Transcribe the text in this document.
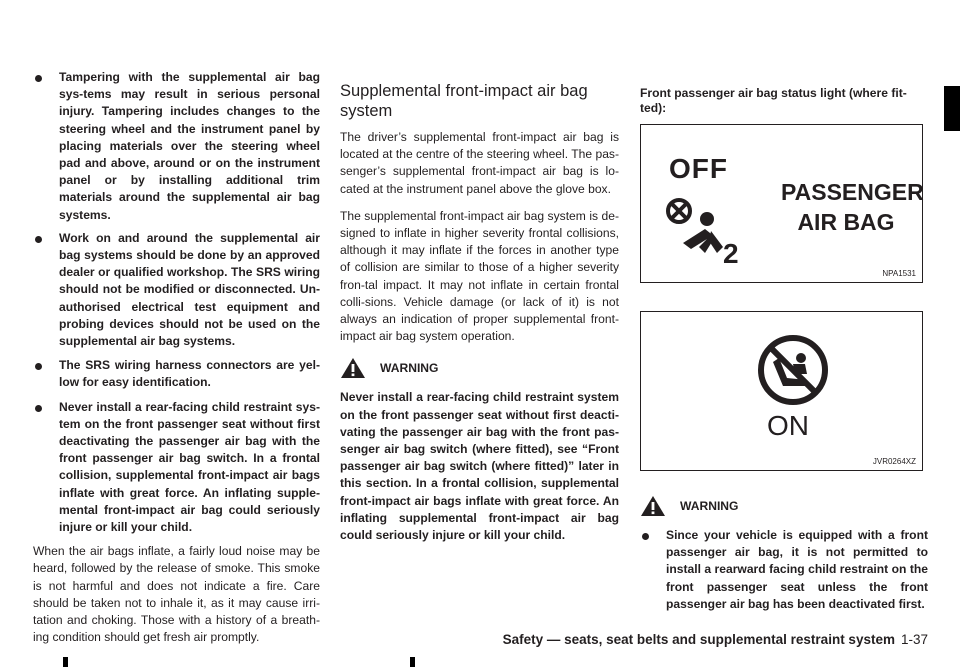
Tampering with the supplemental air bag sys-tems may result in serious personal injury. Tampering includes changes to the steering wheel and the instrument panel by placing materials over the steering wheel pad and above, around or on the instrument panel or by installing additional trim materials around the supplemental air bag systems.
Work on and around the supplemental air bag systems should be done by an approved dealer or qualified workshop. The SRS wiring should not be modified or disconnected. Un-authorised electrical test equipment and probing devices should not be used on the supplemental air bag systems.
The SRS wiring harness connectors are yel-low for easy identification.
Never install a rear-facing child restraint sys-tem on the front passenger seat without first deactivating the passenger air bag with the front passenger air bag switch. In a frontal collision, supplemental front-impact air bags inflate with great force. An inflating supple-mental front-impact air bag could seriously injure or kill your child.

When the air bags inflate, a fairly loud noise may be heard, followed by the release of smoke. This smoke is not harmful and does not indicate a fire. Care should be taken not to inhale it, as it may cause irri-tation and choking. Those with a history of a breath-ing condition should get fresh air promptly.

Supplemental front-impact air bag system

The driver’s supplemental front-impact air bag is located at the centre of the steering wheel. The pas-senger’s supplemental front-impact air bag is lo-cated at the instrument panel above the glove box.

The supplemental front-impact air bag system is de-signed to inflate in higher severity frontal collisions, although it may inflate if the forces in another type of collision are similar to those of a higher severity fron-tal impact. It may not inflate in certain frontal colli-sions. Vehicle damage (or lack of it) is not always an indication of proper supplemental front-impact air bag system operation.

WARNING

Never install a rear-facing child restraint system on the front passenger seat without first deacti-vating the passenger air bag with the front pas-senger air bag switch (where fitted), see “Front passenger air bag switch (where fitted)” later in this section. In a frontal collision, supplemental front-impact air bags inflate with great force. An inflating supplemental front-impact air bag could seriously injure or kill your child.

Front passenger air bag status light (where fit-ted):
OFF
2
PASSENGER
AIR BAG
NPA1531
ON
JVR0264XZ
WARNING
Since your vehicle is equipped with a front passenger air bag, it is not permitted to install a rearward facing child restraint on the front passenger seat unless the front passenger air bag has been deactivated first.
Safety — seats, seat belts and supplemental restraint system 1-37
